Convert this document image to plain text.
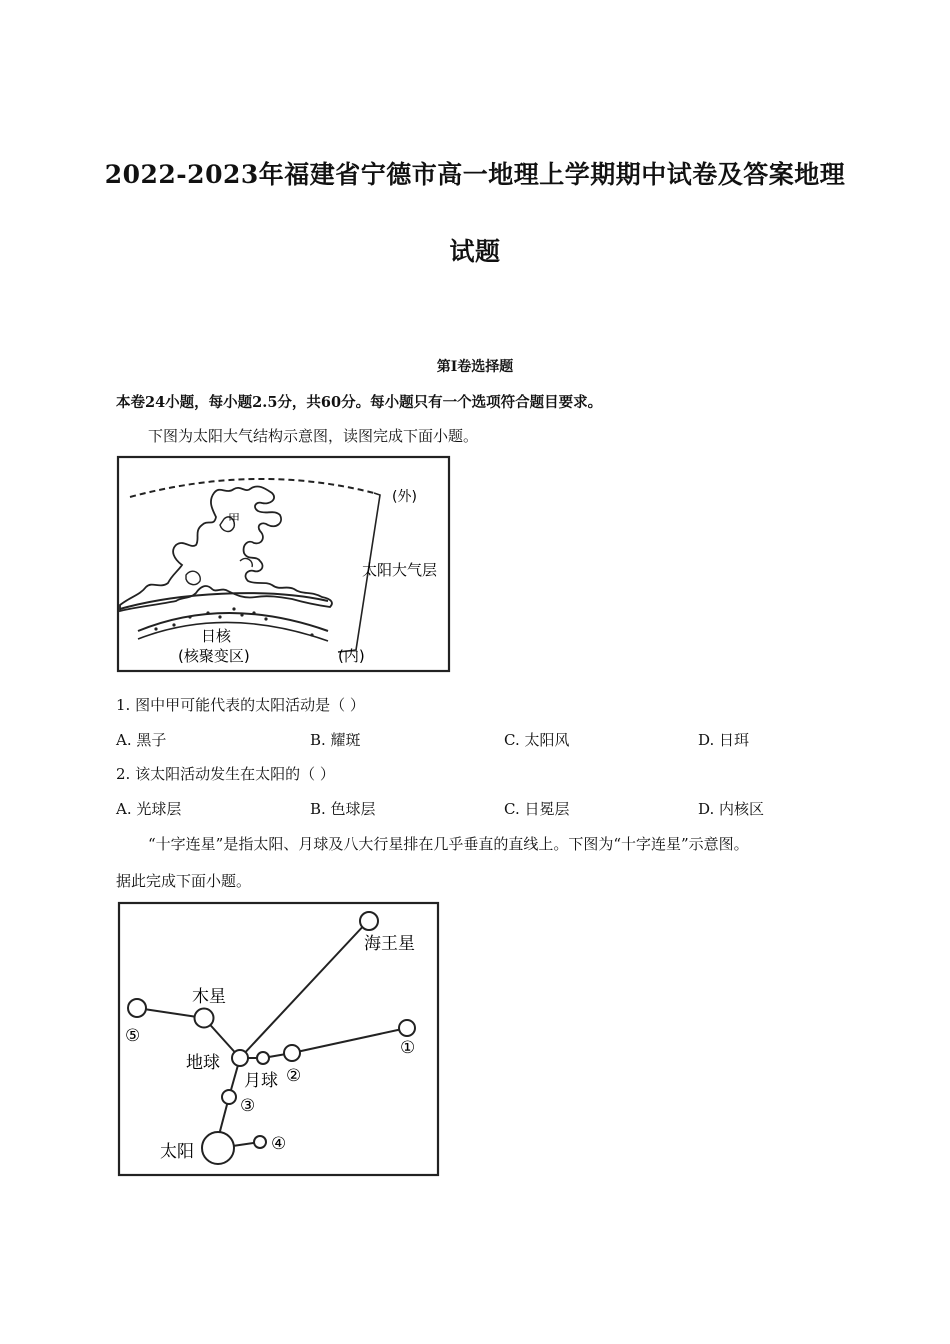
2022-2023年福建省宁德市高一地理上学期期中试卷及答案地理
试题
第Ⅰ卷选择题
本卷24小题，每小题2.5分，共60分。每小题只有一个选项符合题目要求。
下图为太阳大气结构示意图，读图完成下面小题。
(外)
甲
太阳大气层
日核
(核聚变区)	(内)
1. 图中甲可能代表的太阳活动是（ ）
A. 黑子	B. 耀斑	C. 太阳风	D. 日珥
2. 该太阳活动发生在太阳的（ ）
A. 光球层	B. 色球层	C. 日冕层	D. 内核区
“十字连星”是指太阳、月球及八大行星排在几乎垂直的直线上。下图为“十字连星”示意图。
据此完成下面小题。
海王星
木星
⑤
地球
①
月球 ②
③
太阳	④
